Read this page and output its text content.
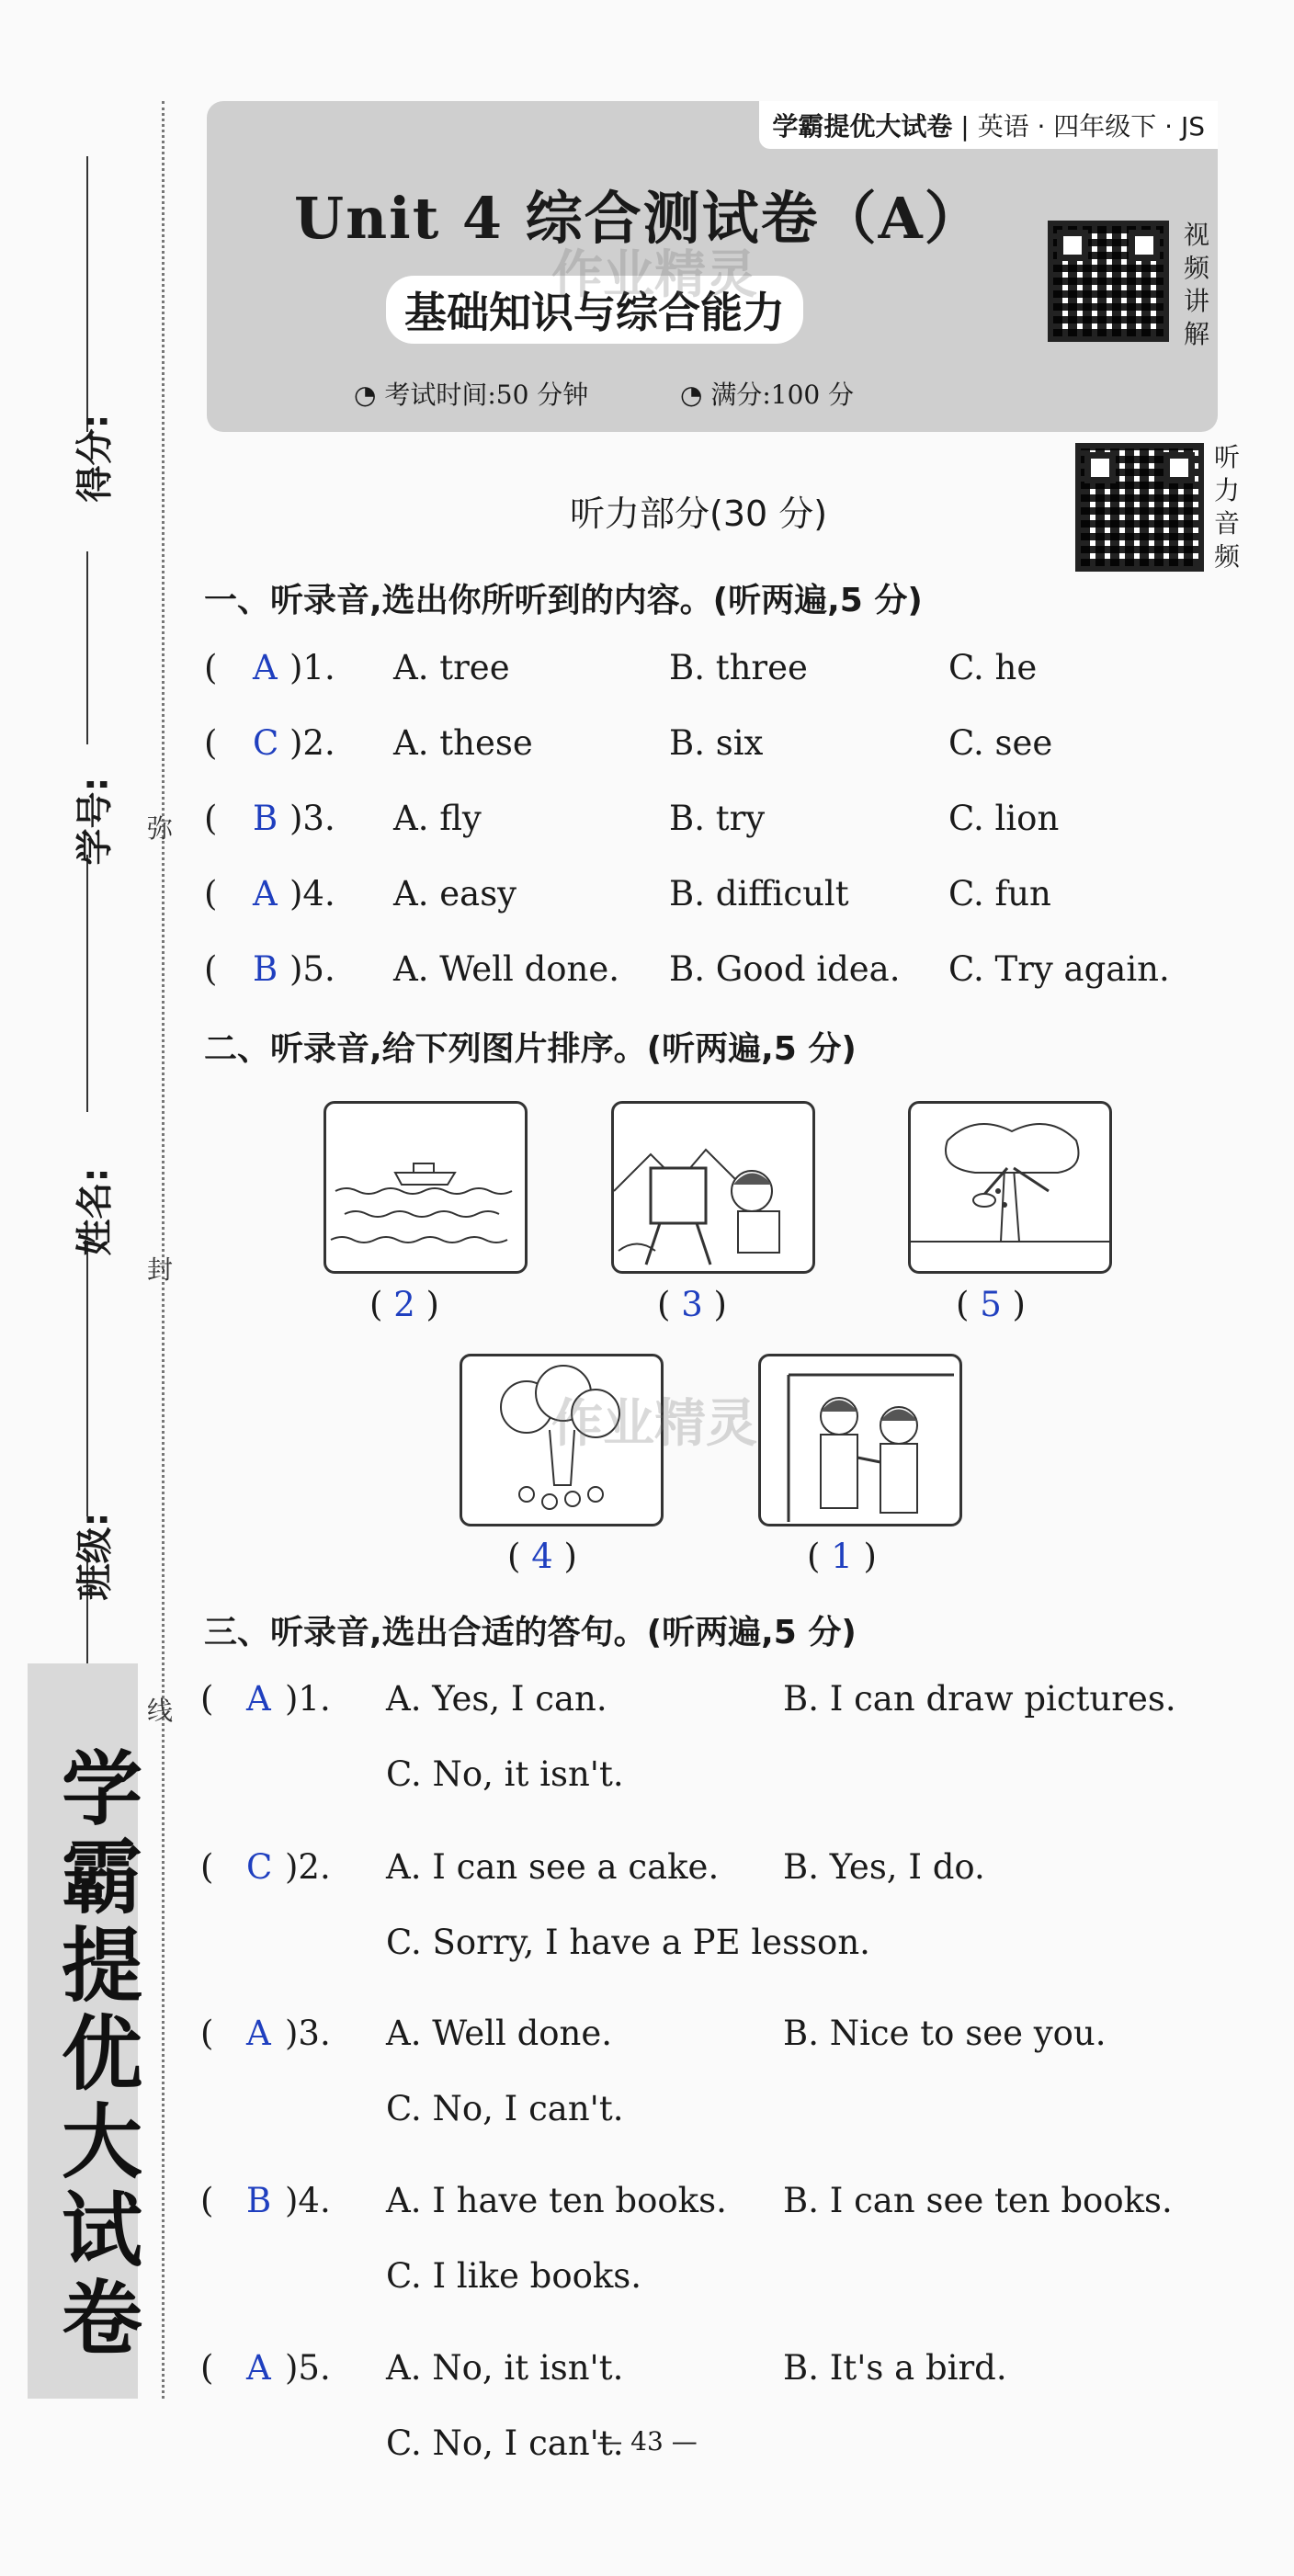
得分:
学号:
姓名:
班级:
弥
封
线
学霸提优大试卷
学霸提优大试卷 | 英语 · 四年级下 · JS
Unit 4 综合测试卷（A）
基础知识与综合能力
◔ 考试时间:50 分钟	◔ 满分:100 分
作业精灵
视
频
讲
解
听
力
音
频
听力部分(30 分)
一、听录音,选出你所听到的内容。(听两遍,5 分)
( A )1. A. tree	B. three	C. he
( C )2. A. these	B. six	C. see
( B )3. A. fly	B. try	C. lion
( A )4. A. easy	B. difficult	C. fun
( B )5. A. Well done. B. Good idea. C. Try again.
二、听录音,给下列图片排序。(听两遍,5 分)
( 2 )	( 3 )	( 5 )
( 4 )	( 1 )
作业精灵
三、听录音,选出合适的答句。(听两遍,5 分)
( A )1. A. Yes, I can.	B. I can draw pictures.
C. No, it isn't.
( C )2. A. I can see a cake. B. Yes, I do.
C. Sorry, I have a PE lesson.
( A )3. A. Well done.	B. Nice to see you.
C. No, I can't.
( B )4. A. I have ten books. B. I can see ten books.
C. I like books.
( A )5. A. No, it isn't.	B. It's a bird.
C. No, I can't.
— 43 —
